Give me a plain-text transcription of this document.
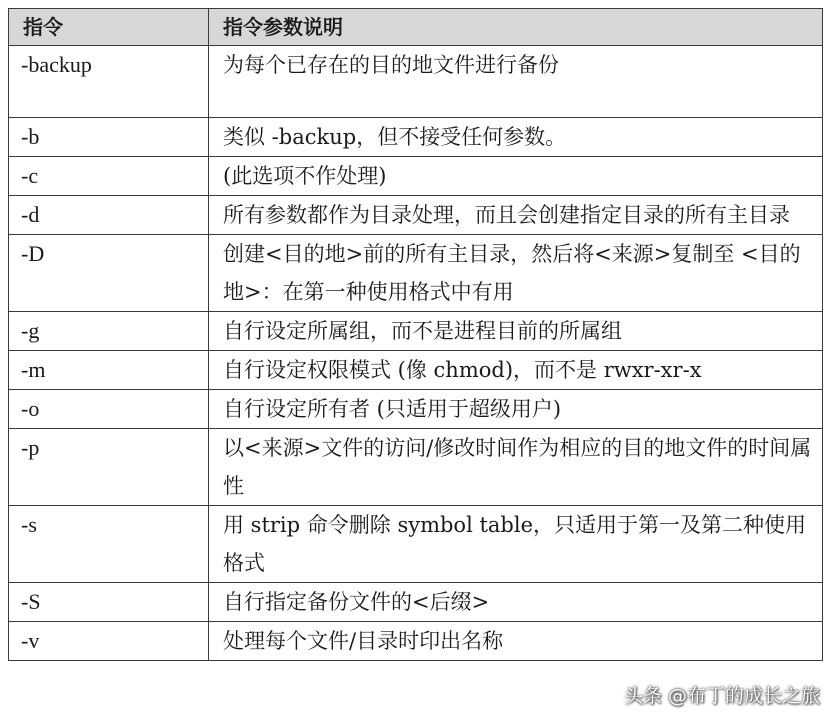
指令	指令参数说明
-backup	为每个已存在的目的地文件进行备份
-b	类似 -backup，但不接受任何参数。
-c	(此选项不作处理)
-d	所有参数都作为目录处理，而且会创建指定目录的所有主目录
-D	创建<目的地>前的所有主目录，然后将<来源>复制至 <目的地>：在第一种使用格式中有用
-g	自行设定所属组，而不是进程目前的所属组
-m	自行设定权限模式 (像 chmod)，而不是 rwxr-xr-x
-o	自行设定所有者 (只适用于超级用户)
-p	以<来源>文件的访问/修改时间作为相应的目的地文件的时间属性
-s	用 strip 命令删除 symbol table，只适用于第一及第二种使用格式
-S	自行指定备份文件的<后缀>
-v	处理每个文件/目录时印出名称
头条 @布丁的成长之旅
